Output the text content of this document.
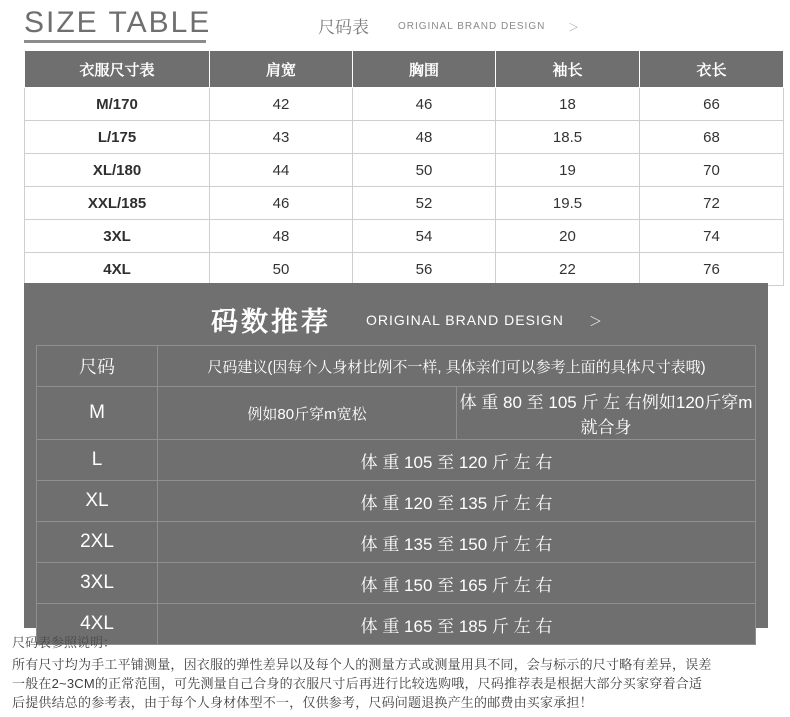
SIZE TABLE	尺码表	ORIGINAL BRAND DESIGN ＞
衣服尺寸表	肩宽	胸围	袖长	衣长
M/170	42	46	18	66
L/175	43	48	18.5	68
XL/180	44	50	19	70
XXL/185	46	52	19.5	72
3XL	48	54	20	74
4XL	50	56	22	76
码数推荐	ORIGINAL BRAND DESIGN ＞
尺码	尺码建议(因每个人身材比例不一样, 具体亲们可以参考上面的具体尺寸表哦)	
M	例如80斤穿m宽松	体 重 80 至 105 斤 左 右例如120斤穿m 就合身
L	体 重 105 至 120 斤 左 右	
XL	体 重 120 至 135 斤 左 右	
2XL	体 重 135 至 150 斤 左 右	
3XL	体 重 150 至 165 斤 左 右	
4XL	体 重 165 至 185 斤 左 右	
尺码表参照说明：
所有尺寸均为手工平铺测量，因衣服的弹性差异以及每个人的测量方式或测量用具不同，会与标示的尺寸略有差异，误差
一般在2~3CM的正常范围，可先测量自己合身的衣服尺寸后再进行比较选购哦，尺码推荐表是根据大部分买家穿着合适
后提供结总的参考表，由于每个人身材体型不一，仅供参考，尺码问题退换产生的邮费由买家承担！
